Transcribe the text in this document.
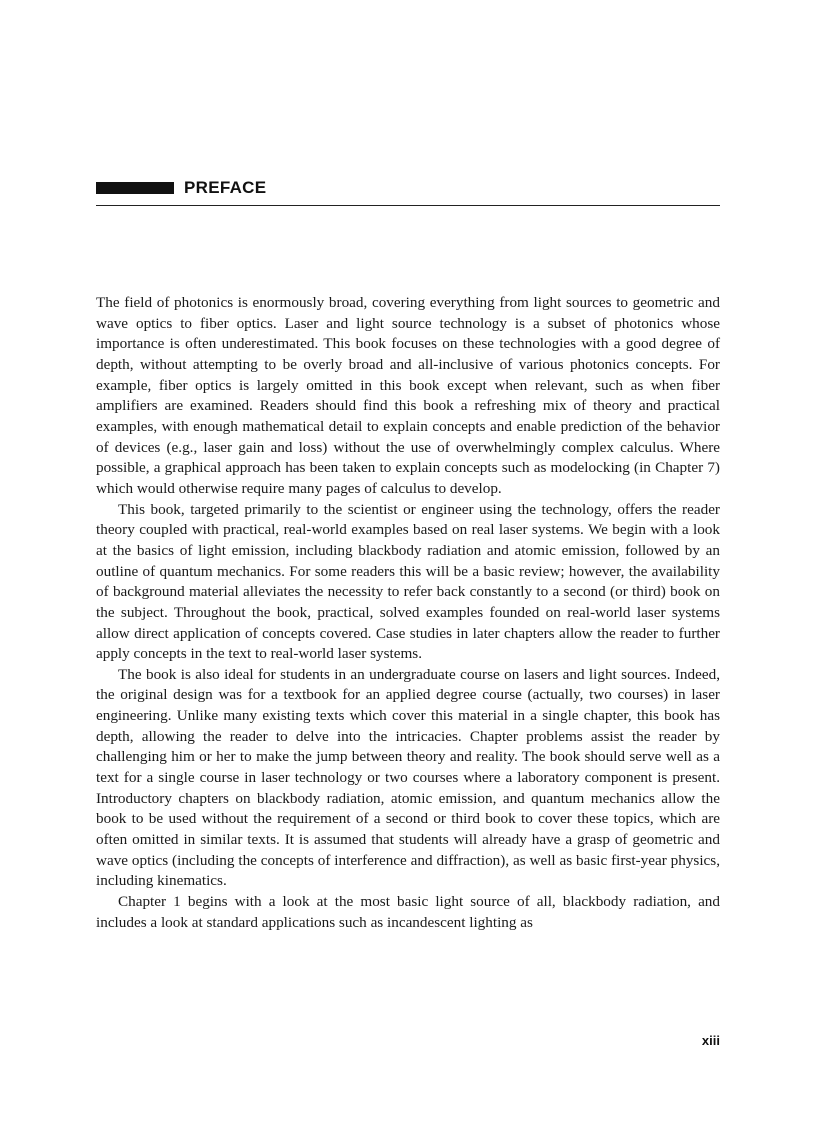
PREFACE

The field of photonics is enormously broad, covering everything from light sources to geometric and wave optics to fiber optics. Laser and light source technology is a subset of photonics whose importance is often underestimated. This book focuses on these technologies with a good degree of depth, without attempting to be overly broad and all-inclusive of various photonics concepts. For example, fiber optics is largely omitted in this book except when relevant, such as when fiber amplifiers are examined. Readers should find this book a refreshing mix of theory and practical examples, with enough mathematical detail to explain concepts and enable prediction of the behavior of devices (e.g., laser gain and loss) without the use of overwhelmingly complex calculus. Where possible, a graphical approach has been taken to explain concepts such as modelocking (in Chapter 7) which would otherwise require many pages of calculus to develop.

This book, targeted primarily to the scientist or engineer using the technology, offers the reader theory coupled with practical, real-world examples based on real laser systems. We begin with a look at the basics of light emission, including blackbody radiation and atomic emission, followed by an outline of quantum mechanics. For some readers this will be a basic review; however, the availability of background material alleviates the necessity to refer back constantly to a second (or third) book on the subject. Throughout the book, practical, solved examples founded on real-world laser systems allow direct application of concepts covered. Case studies in later chapters allow the reader to further apply concepts in the text to real-world laser systems.

The book is also ideal for students in an undergraduate course on lasers and light sources. Indeed, the original design was for a textbook for an applied degree course (actually, two courses) in laser engineering. Unlike many existing texts which cover this material in a single chapter, this book has depth, allowing the reader to delve into the intricacies. Chapter problems assist the reader by challenging him or her to make the jump between theory and reality. The book should serve well as a text for a single course in laser technology or two courses where a laboratory component is present. Introductory chapters on blackbody radiation, atomic emission, and quantum mechanics allow the book to be used without the requirement of a second or third book to cover these topics, which are often omitted in similar texts. It is assumed that students will already have a grasp of geometric and wave optics (including the concepts of interference and diffraction), as well as basic first-year physics, including kinematics.

Chapter 1 begins with a look at the most basic light source of all, blackbody radiation, and includes a look at standard applications such as incandescent lighting as

xiii
